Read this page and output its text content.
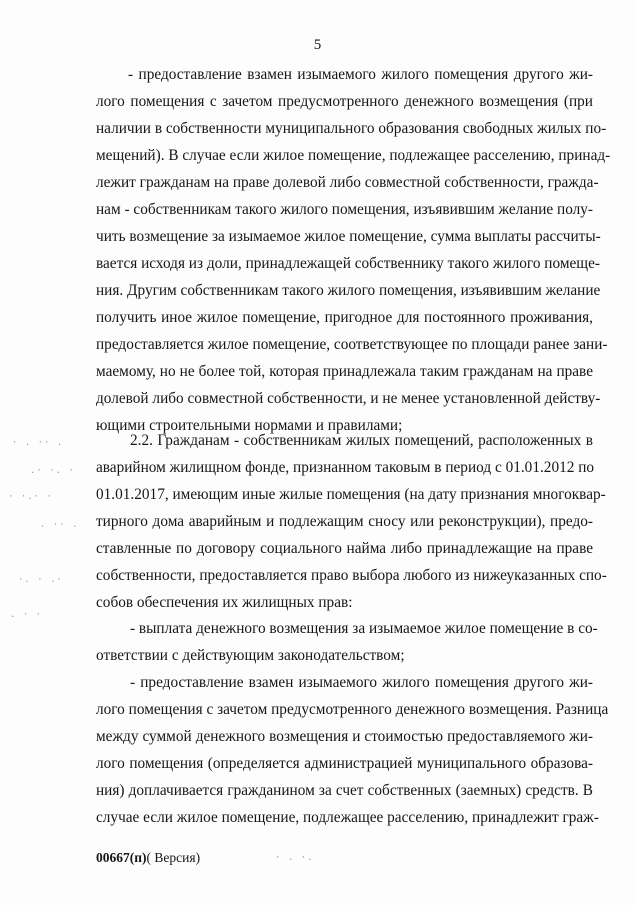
5
- предоставление взамен изымаемого жилого помещения другого жи-
лого помещения с зачетом предусмотренного денежного возмещения (при
наличии в собственности муниципального образования свободных жилых по-
мещений). В случае если жилое помещение, подлежащее расселению, принад-
лежит гражданам на праве долевой либо совместной собственности, гражда-
нам - собственникам такого жилого помещения, изъявившим желание полу-
чить возмещение за изымаемое жилое помещение, сумма выплаты рассчиты-
вается исходя из доли, принадлежащей собственнику такого жилого помеще-
ния. Другим собственникам такого жилого помещения, изъявившим желание
получить иное жилое помещение, пригодное для постоянного проживания,
предоставляется жилое помещение, соответствующее по площади ранее зани-
маемому, но не более той, которая принадлежала таким гражданам на праве
долевой либо совместной собственности, и не менее установленной действу-
ющими строительными нормами и правилами;
2.2. Гражданам - собственникам жилых помещений, расположенных в
аварийном жилищном фонде, признанном таковым в период с 01.01.2012 по
01.01.2017, имеющим иные жилые помещения (на дату признания многоквар-
тирного дома аварийным и подлежащим сносу или реконструкции), предо-
ставленные по договору социального найма либо принадлежащие на праве
собственности, предоставляется право выбора любого из нижеуказанных спо-
собов обеспечения их жилищных прав:
- выплата денежного возмещения за изымаемое жилое помещение в со-
ответствии с действующим законодательством;
- предоставление взамен изымаемого жилого помещения другого жи-
лого помещения с зачетом предусмотренного денежного возмещения. Разница
между суммой денежного возмещения и стоимостью предоставляемого жи-
лого помещения (определяется администрацией муниципального образова-
ния) доплачивается гражданином за счет собственных (заемных) средств. В
случае если жилое помещение, подлежащее расселению, принадлежит граж-
00667(п)( Версия)
· . ·· .
.· ·. ·
· ·.· ·
. ·· .
·. · .·
. · ·
· . ·.
